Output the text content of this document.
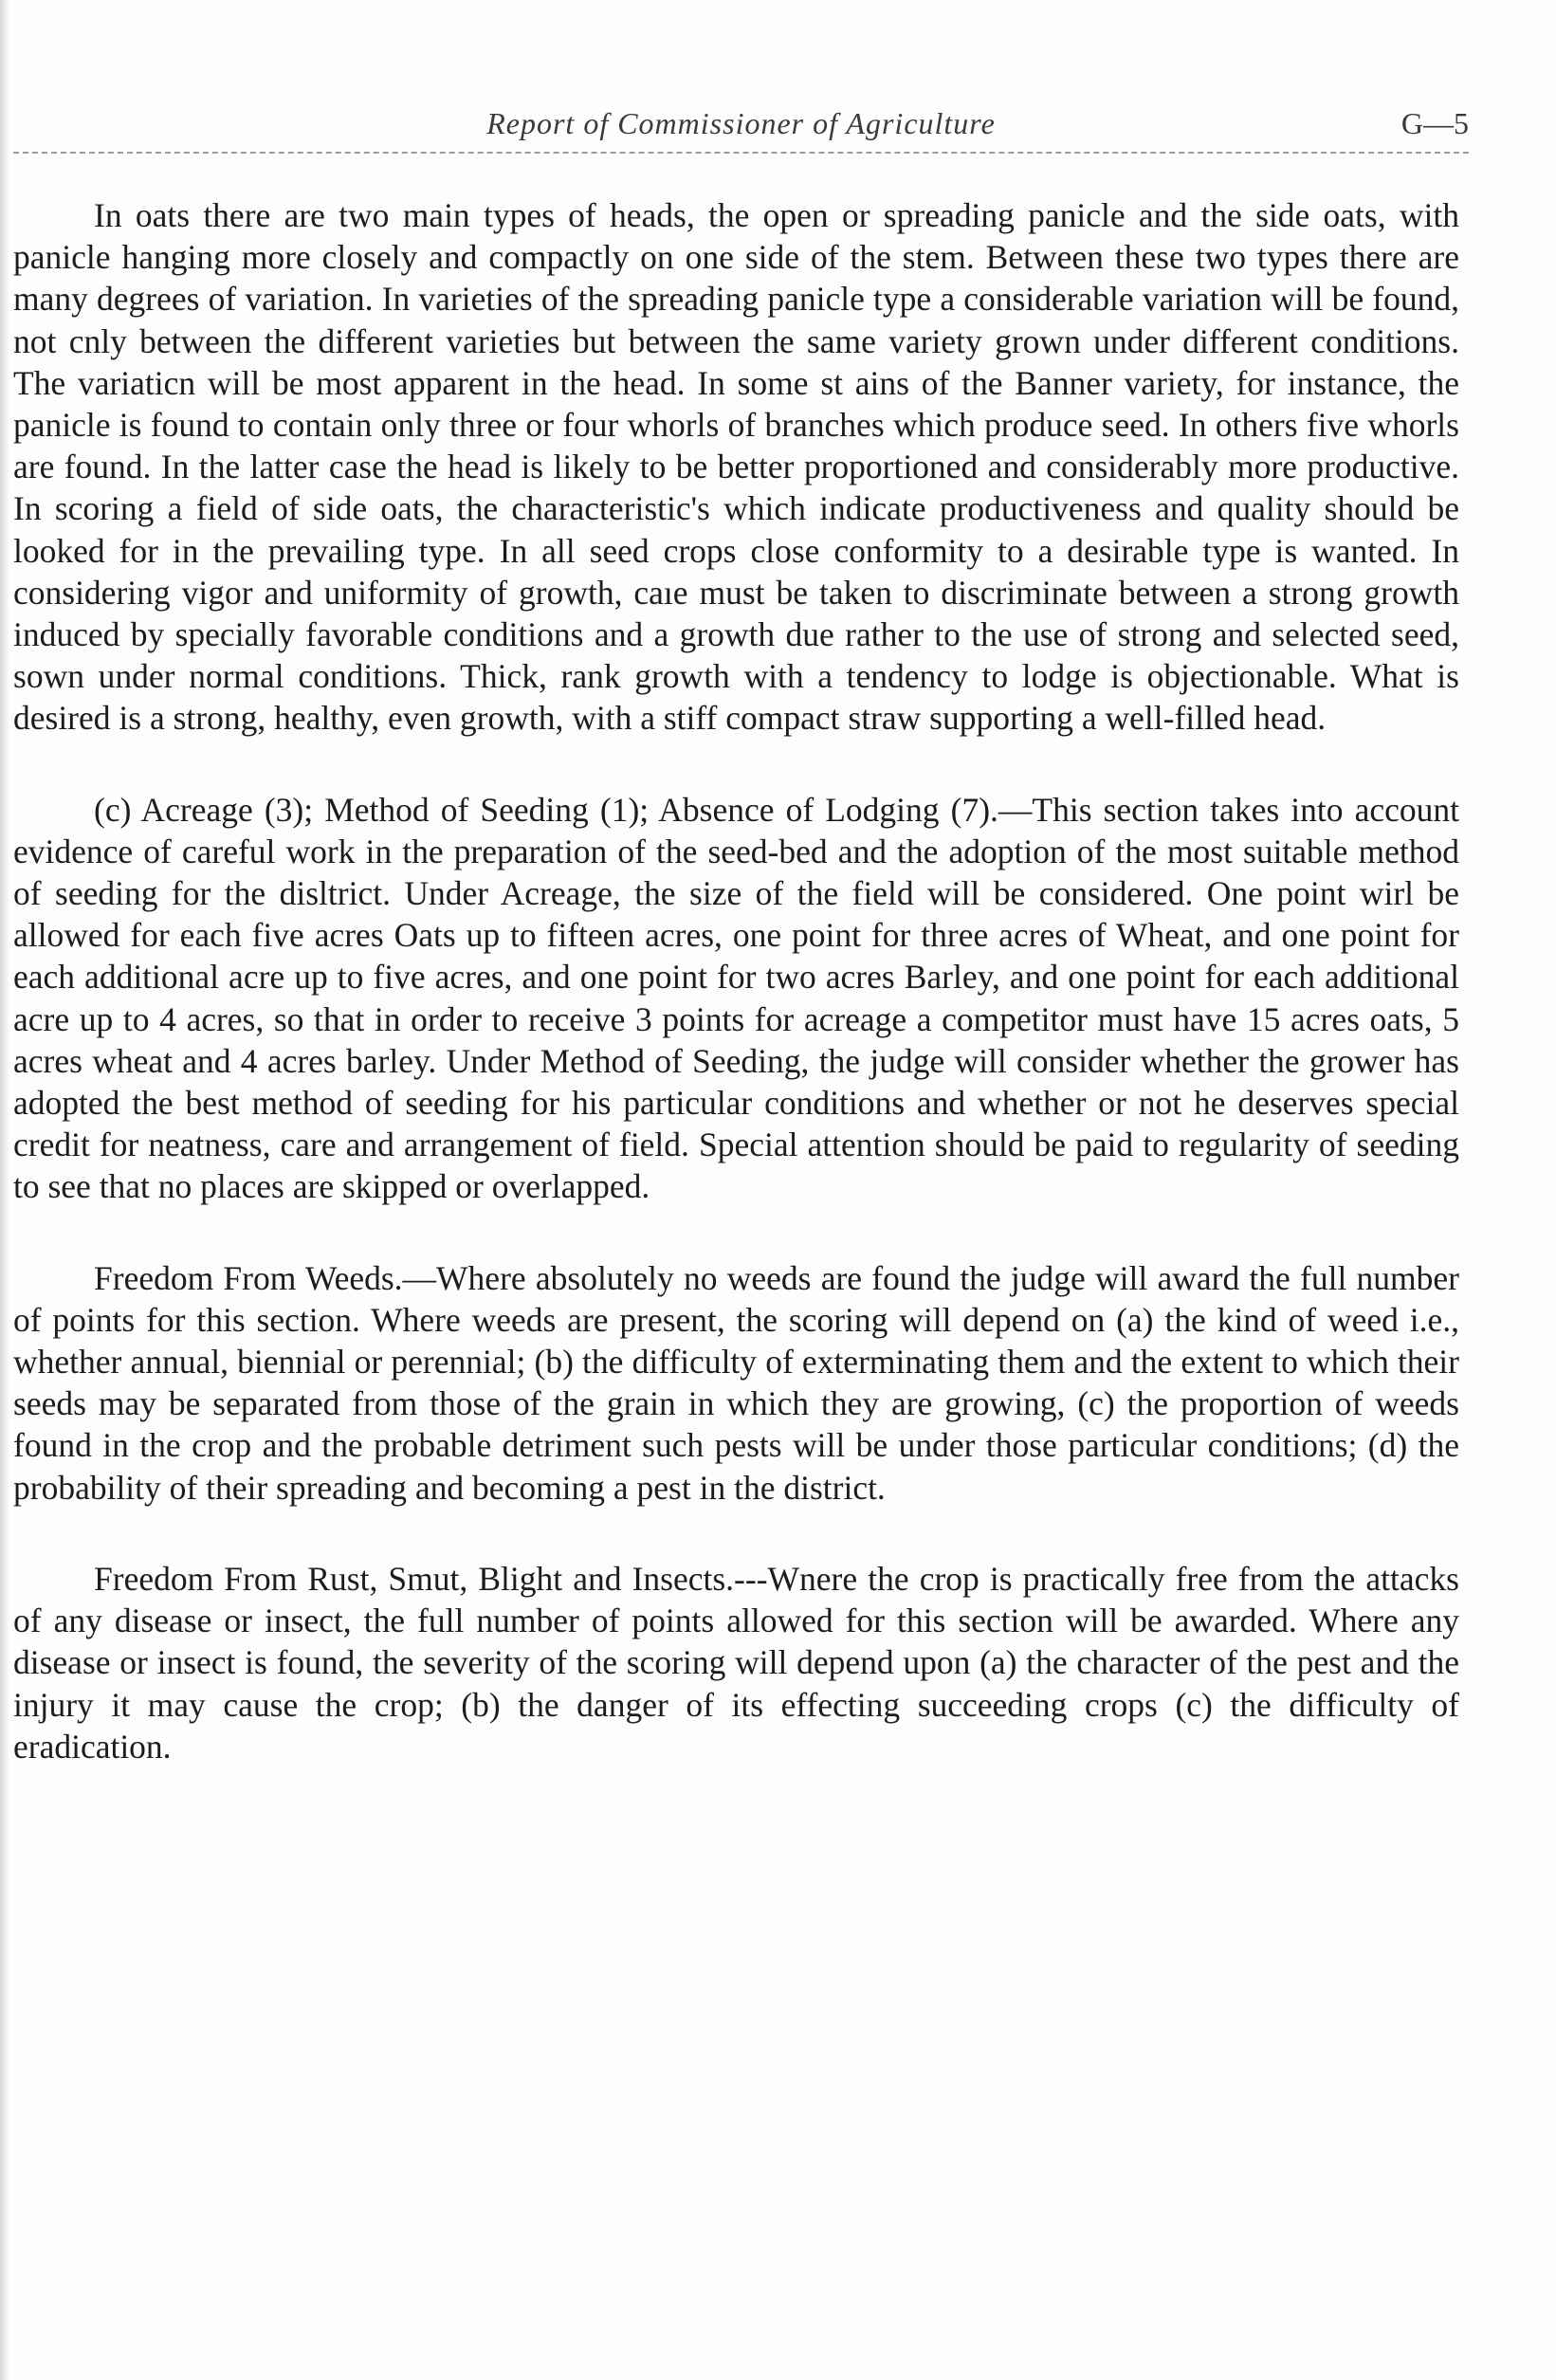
Report of Commissioner of Agriculture	G—5

In oats there are two main types of heads, the open or spreading panicle and the side oats, with panicle hanging more closely and compactly on one side of the stem. Between these two types there are many degrees of variation. In varieties of the spreading panicle type a considerable variation will be found, not cnly between the different varieties but between the same variety grown under different conditions. The variaticn will be most apparent in the head. In some st ains of the Banner variety, for instance, the panicle is found to contain only three or four whorls of branches which produce seed. In others five whorls are found. In the latter case the head is likely to be better proportioned and considerably more productive. In scoring a field of side oats, the characteristic's which indicate productiveness and quality should be looked for in the prevailing type. In all seed crops close conformity to a desirable type is wanted. In considering vigor and uniformity of growth, caıe must be taken to discriminate between a strong growth induced by specially favorable conditions and a growth due rather to the use of strong and selected seed, sown under normal conditions. Thick, rank growth with a tendency to lodge is objectionable. What is desired is a strong, healthy, even growth, with a stiff compact straw supporting a well-filled head.

(c) Acreage (3); Method of Seeding (1); Absence of Lodging (7).—This section takes into account evidence of careful work in the preparation of the seed-bed and the adoption of the most suitable method of seeding for the disltrict. Under Acreage, the size of the field will be considered. One point wirl be allowed for each five acres Oats up to fifteen acres, one point for three acres of Wheat, and one point for each additional acre up to five acres, and one point for two acres Barley, and one point for each additional acre up to 4 acres, so that in order to receive 3 points for acreage a competitor must have 15 acres oats, 5 acres wheat and 4 acres barley. Under Method of Seeding, the judge will consider whether the grower has adopted the best method of seeding for his particular conditions and whether or not he deserves special credit for neatness, care and arrangement of field. Special attention should be paid to regularity of seeding to see that no places are skipped or overlapped.

Freedom From Weeds.—Where absolutely no weeds are found the judge will award the full number of points for this section. Where weeds are present, the scoring will depend on (a) the kind of weed i.e., whether annual, biennial or perennial; (b) the difficulty of exterminating them and the extent to which their seeds may be separated from those of the grain in which they are growing, (c) the proportion of weeds found in the crop and the probable detriment such pests will be under those particular conditions; (d) the probability of their spreading and becoming a pest in the district.

Freedom From Rust, Smut, Blight and Insects.---Wnere the crop is practically free from the attacks of any disease or insect, the full number of points allowed for this section will be awarded. Where any disease or insect is found, the severity of the scoring will depend upon (a) the character of the pest and the injury it may cause the crop; (b) the danger of its effecting succeeding crops (c) the difficulty of eradication.
